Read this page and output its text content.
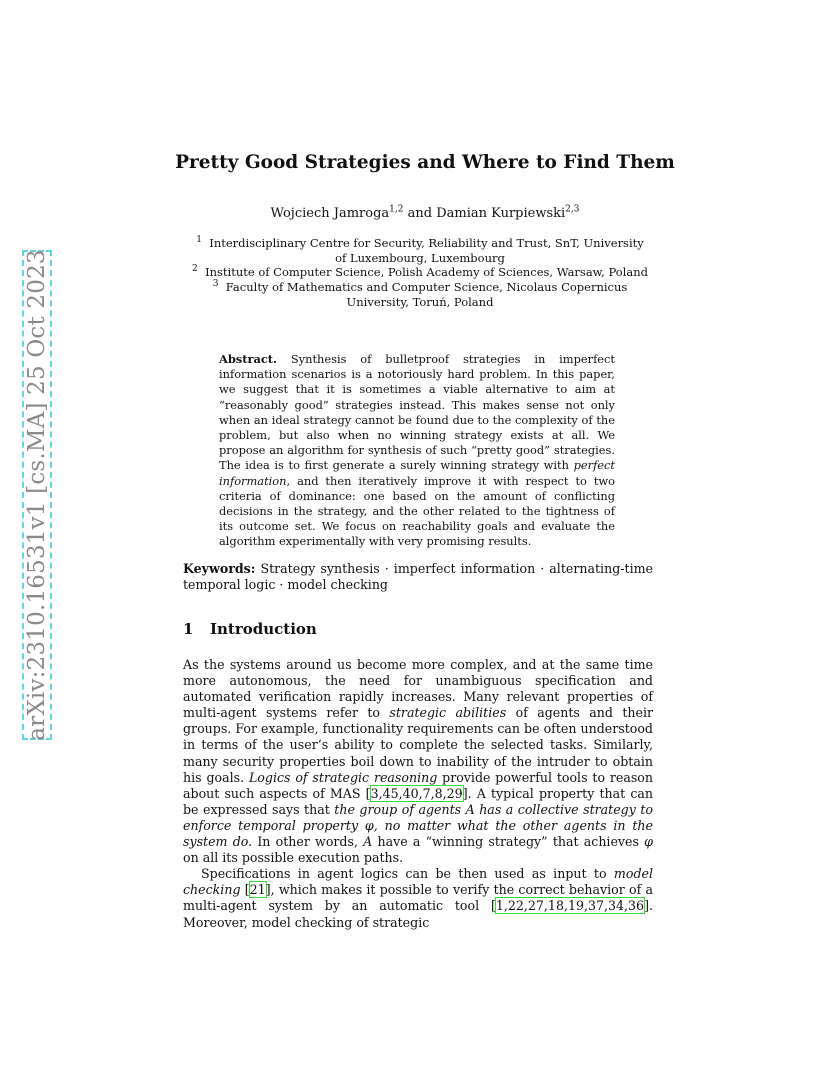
arXiv:2310.16531v1 [cs.MA] 25 Oct 2023
Pretty Good Strategies and Where to Find Them
Wojciech Jamroga$^{1,2}$ and Damian Kurpiewski$^{2,3}$
$^1$ Interdisciplinary Centre for Security, Reliability and Trust, SnT, University of Luxembourg, Luxembourg
$^2$ Institute of Computer Science, Polish Academy of Sciences, Warsaw, Poland
$^3$ Faculty of Mathematics and Computer Science, Nicolaus Copernicus University, Toruń, Poland
Abstract. Synthesis of bulletproof strategies in imperfect information scenarios is a notoriously hard problem. In this paper, we suggest that it is sometimes a viable alternative to aim at “reasonably good” strategies instead. This makes sense not only when an ideal strategy cannot be found due to the complexity of the problem, but also when no winning strategy exists at all. We propose an algorithm for synthesis of such “pretty good” strategies. The idea is to first generate a surely winning strategy with perfect information, and then iteratively improve it with respect to two criteria of dominance: one based on the amount of conflicting decisions in the strategy, and the other related to the tightness of its outcome set. We focus on reachability goals and evaluate the algorithm experimentally with very promising results.
Keywords: Strategy synthesis · imperfect information · alternating-time temporal logic · model checking
1 Introduction

As the systems around us become more complex, and at the same time more autonomous, the need for unambiguous specification and automated verification rapidly increases. Many relevant properties of multi-agent systems refer to strategic abilities of agents and their groups. For example, functionality requirements can be often understood in terms of the user’s ability to complete the selected tasks. Similarly, many security properties boil down to inability of the intruder to obtain his goals. Logics of strategic reasoning provide powerful tools to reason about such aspects of MAS [3,45,40,7,8,29]. A typical property that can be expressed says that the group of agents A has a collective strategy to enforce temporal property φ, no matter what the other agents in the system do. In other words, A have a “winning strategy” that achieves φ on all its possible execution paths.

Specifications in agent logics can be then used as input to model checking [21], which makes it possible to verify the correct behavior of a multi-agent system by an automatic tool [1,22,27,18,19,37,34,36]. Moreover, model checking of strategic
